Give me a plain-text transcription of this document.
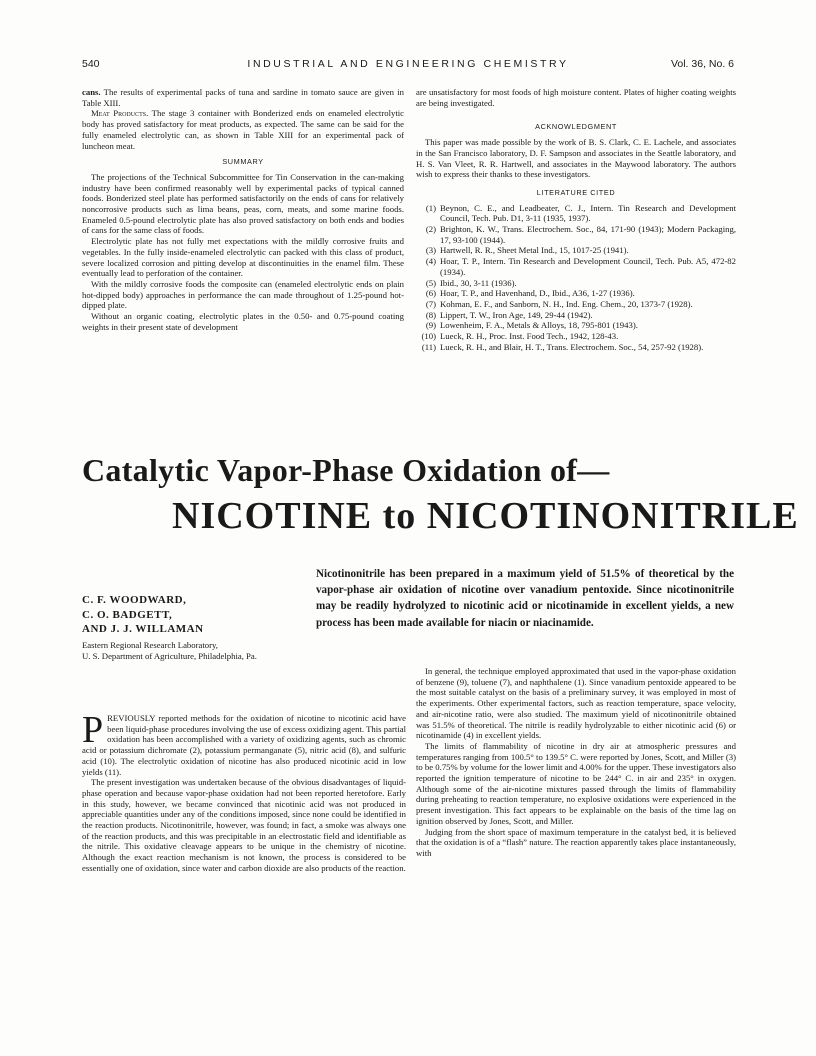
540	INDUSTRIAL AND ENGINEERING CHEMISTRY	Vol. 36, No. 6

cans. The results of experimental packs of tuna and sardine in tomato sauce are given in Table XIII.

Meat Products. The stage 3 container with Bonderized ends on enameled electrolytic body has proved satisfactory for meat products, as expected. The same can be said for the fully enameled electrolytic can, as shown in Table XIII for an experimental pack of luncheon meat.

SUMMARY

The projections of the Technical Subcommittee for Tin Conservation in the can-making industry have been confirmed reasonably well by experimental packs of typical canned foods. Bonderized steel plate has performed satisfactorily on the ends of cans for relatively noncorrosive products such as lima beans, peas, corn, meats, and some marine foods. Enameled 0.5-pound electrolytic plate has also proved satisfactory on both ends and bodies of cans for the same class of foods.

Electrolytic plate has not fully met expectations with the mildly corrosive fruits and vegetables. In the fully inside-enameled electrolytic can packed with this class of product, severe localized corrosion and pitting develop at discontinuities in the enamel film. These eventually lead to perforation of the container.

With the mildly corrosive foods the composite can (enameled electrolytic ends on plain hot-dipped body) approaches in performance the can made throughout of 1.25-pound hot-dipped plate.

Without an organic coating, electrolytic plates in the 0.50- and 0.75-pound coating weights in their present state of development

are unsatisfactory for most foods of high moisture content. Plates of higher coating weights are being investigated.

ACKNOWLEDGMENT

This paper was made possible by the work of B. S. Clark, C. E. Lachele, and associates in the San Francisco laboratory, D. F. Sampson and associates in the Seattle laboratory, and H. S. Van Vleet, R. R. Hartwell, and associates in the Maywood laboratory. The authors wish to express their thanks to these investigators.

LITERATURE CITED
(1) Beynon, C. E., and Leadbeater, C. J., Intern. Tin Research and Development Council, Tech. Pub. D1, 3-11 (1935, 1937).
(2) Brighton, K. W., Trans. Electrochem. Soc., 84, 171-90 (1943); Modern Packaging, 17, 93-100 (1944).
(3) Hartwell, R. R., Sheet Metal Ind., 15, 1017-25 (1941).
(4) Hoar, T. P., Intern. Tin Research and Development Council, Tech. Pub. A5, 472-82 (1934).
(5) Ibid., 30, 3-11 (1936).
(6) Hoar, T. P., and Havenhand, D., Ibid., A36, 1-27 (1936).
(7) Kohman, E. F., and Sanborn, N. H., Ind. Eng. Chem., 20, 1373-7 (1928).
(8) Lippert, T. W., Iron Age, 149, 29-44 (1942).
(9) Lowenheim, F. A., Metals & Alloys, 18, 795-801 (1943).
(10) Lueck, R. H., Proc. Inst. Food Tech., 1942, 128-43.
(11) Lueck, R. H., and Blair, H. T., Trans. Electrochem. Soc., 54, 257-92 (1928).
Catalytic Vapor-Phase Oxidation of—
NICOTINE to NICOTINONITRILE
Nicotinonitrile has been prepared in a maximum yield of 51.5% of theoretical by the vapor-phase air oxidation of nicotine over vanadium pentoxide. Since nicotinonitrile may be readily hydrolyzed to nicotinic acid or nicotinamide in excellent yields, a new process has been made available for niacin or niacinamide.
C. F. WOODWARD,
C. O. BADGETT,
AND J. J. WILLAMAN
Eastern Regional Research Laboratory,
U. S. Department of Agriculture, Philadelphia, Pa.

PREVIOUSLY reported methods for the oxidation of nicotine to nicotinic acid have been liquid-phase procedures involving the use of excess oxidizing agent. This partial oxidation has been accomplished with a variety of oxidizing agents, such as chromic acid or potassium dichromate (2), potassium permanganate (5), nitric acid (8), and sulfuric acid (10). The electrolytic oxidation of nicotine has also produced nicotinic acid in low yields (11).

The present investigation was undertaken because of the obvious disadvantages of liquid-phase operation and because vapor-phase oxidation had not been reported heretofore. Early in this study, however, we became convinced that nicotinic acid was not produced in appreciable quantities under any of the conditions imposed, since none could be identified in the reaction products. Nicotinonitrile, however, was found; in fact, a smoke was always one of the reaction products, and this was precipitable in an electrostatic field and identifiable as the nitrile. This oxidative cleavage appears to be unique in the chemistry of nicotine. Although the exact reaction mechanism is not known, the process is considered to be essentially one of oxidation, since water and carbon dioxide are also products of the reaction.

In general, the technique employed approximated that used in the vapor-phase oxidation of benzene (9), toluene (7), and naphthalene (1). Since vanadium pentoxide appeared to be the most suitable catalyst on the basis of a preliminary survey, it was employed in most of the experiments. Other experimental factors, such as reaction temperature, space velocity, and air-nicotine ratio, were also studied. The maximum yield of nicotinonitrile obtained was 51.5% of theoretical. The nitrile is readily hydrolyzable to either nicotinic acid (6) or nicotinamide (4) in excellent yields.

The limits of flammability of nicotine in dry air at atmospheric pressures and temperatures ranging from 100.5° to 139.5° C. were reported by Jones, Scott, and Miller (3) to be 0.75% by volume for the lower limit and 4.00% for the upper. These investigators also reported the ignition temperature of nicotine to be 244° C. in air and 235° in oxygen. Although some of the air-nicotine mixtures passed through the limits of flammability during preheating to reaction temperature, no explosive oxidations were experienced in the present investigation. This fact appears to be explainable on the basis of the time lag on ignition observed by Jones, Scott, and Miller.

Judging from the short space of maximum temperature in the catalyst bed, it is believed that the oxidation is of a “flash” nature. The reaction apparently takes place instantaneously, with
